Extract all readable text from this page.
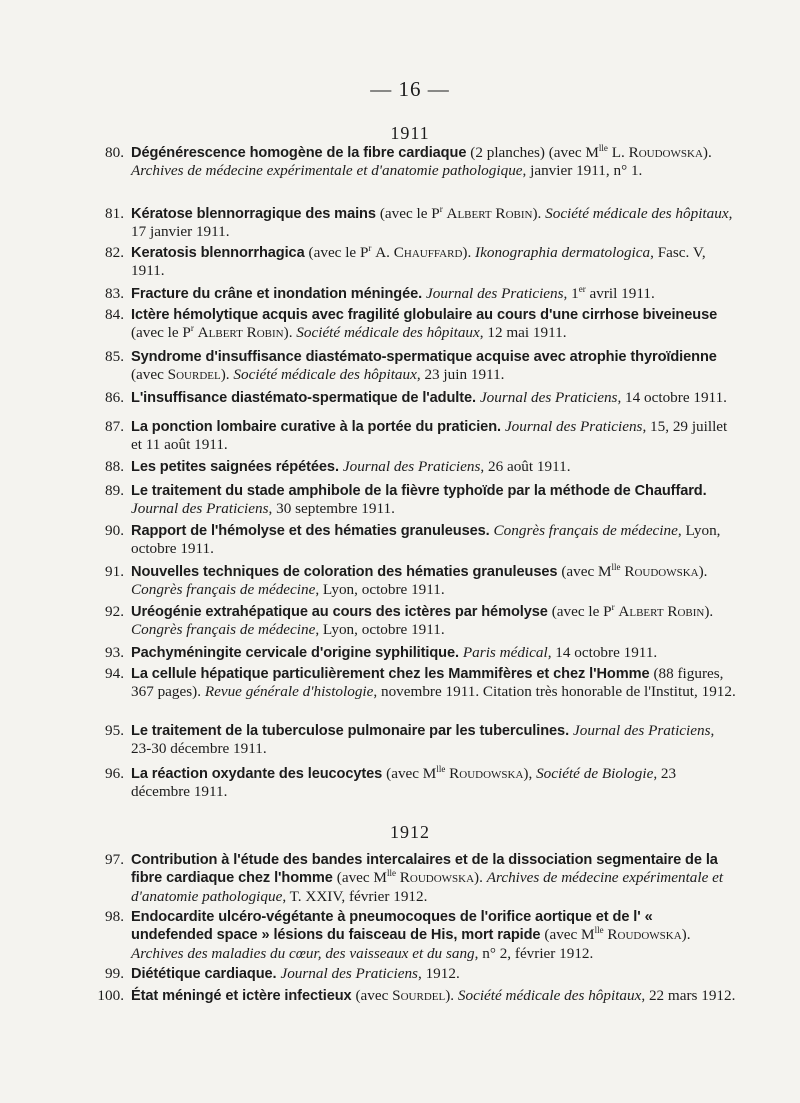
— 16 —
1911
1912
80. Dégénérescence homogène de la fibre cardiaque (2 planches) (avec $M^{lle}$ L. Roudowska). Archives de médecine expérimentale et d'anatomie pathologique, janvier 1911, n° 1.
81. Kératose blennorragique des mains (avec le $P^r$ Albert Robin). Société médicale des hôpitaux, 17 janvier 1911.
82. Keratosis blennorrhagica (avec le $P^r$ A. Chauffard). Ikonographia dermatologica, Fasc. V, 1911.
83. Fracture du crâne et inondation méningée. Journal des Praticiens, 1er avril 1911.
84. Ictère hémolytique acquis avec fragilité globulaire au cours d'une cirrhose biveineuse (avec le $P^r$ Albert Robin). Société médicale des hôpitaux, 12 mai 1911.
85. Syndrome d'insuffisance diastémato-spermatique acquise avec atrophie thyroïdienne (avec Sourdel). Société médicale des hôpitaux, 23 juin 1911.
86. L'insuffisance diastémato-spermatique de l'adulte. Journal des Praticiens, 14 octobre 1911.
87. La ponction lombaire curative à la portée du praticien. Journal des Praticiens, 15, 29 juillet et 11 août 1911.
88. Les petites saignées répétées. Journal des Praticiens, 26 août 1911.
89. Le traitement du stade amphibole de la fièvre typhoïde par la méthode de Chauffard. Journal des Praticiens, 30 septembre 1911.
90. Rapport de l'hémolyse et des hématies granuleuses. Congrès français de médecine, Lyon, octobre 1911.
91. Nouvelles techniques de coloration des hématies granuleuses (avec $M^{lle}$ Roudowska). Congrès français de médecine, Lyon, octobre 1911.
92. Uréogénie extrahépatique au cours des ictères par hémolyse (avec le $P^r$ Albert Robin). Congrès français de médecine, Lyon, octobre 1911.
93. Pachyméningite cervicale d'origine syphilitique. Paris médical, 14 octobre 1911.
94. La cellule hépatique particulièrement chez les Mammifères et chez l'Homme (88 figures, 367 pages). Revue générale d'histologie, novembre 1911. Citation très honorable de l'Institut, 1912.
95. Le traitement de la tuberculose pulmonaire par les tuberculines. Journal des Praticiens, 23-30 décembre 1911.
96. La réaction oxydante des leucocytes (avec $M^{lle}$ Roudowska), Société de Biologie, 23 décembre 1911.
97. Contribution à l'étude des bandes intercalaires et de la dissociation segmentaire de la fibre cardiaque chez l'homme (avec $M^{lle}$ Roudowska). Archives de médecine expérimentale et d'anatomie pathologique, T. XXIV, février 1912.
98. Endocardite ulcéro-végétante à pneumocoques de l'orifice aortique et de l' « undefended space » lésions du faisceau de His, mort rapide (avec $M^{lle}$ Roudowska). Archives des maladies du cœur, des vaisseaux et du sang, n° 2, février 1912.
99. Diététique cardiaque. Journal des Praticiens, 1912.
100. État méningé et ictère infectieux (avec Sourdel). Société médicale des hôpitaux, 22 mars 1912.
